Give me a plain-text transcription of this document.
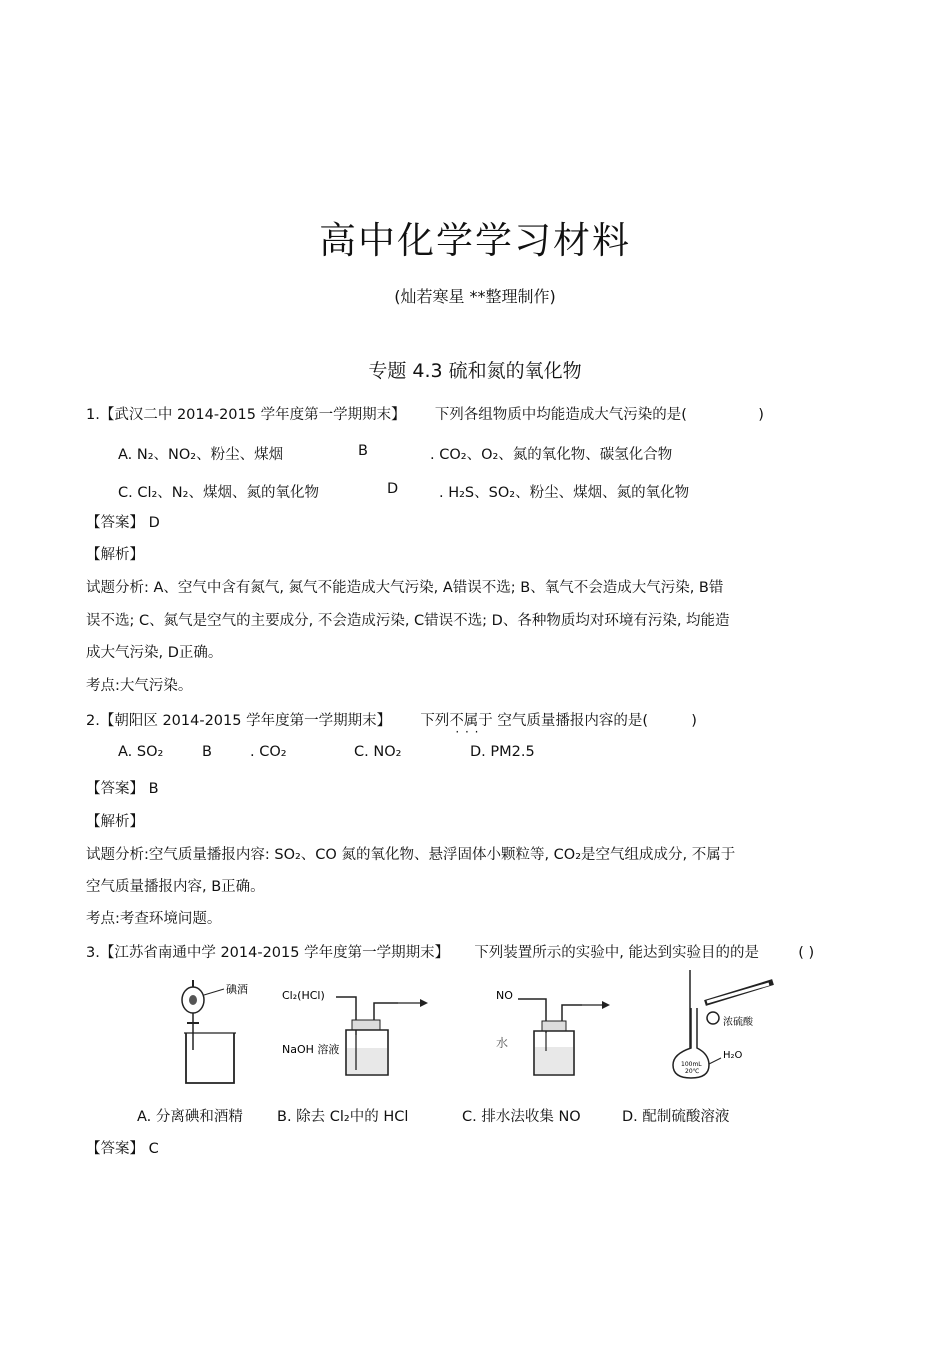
高中化学学习材料
(灿若寒星 **整理制作)
专题 4.3 硫和氮的氧化物
1.【武汉二中 2014-2015 学年度第一学期期末】 下列各组物质中均能造成大气污染的是(	)
A. N₂、NO₂、粉尘、煤烟	B	. CO₂、O₂、氮的氧化物、碳氢化合物
C. Cl₂、N₂、煤烟、氮的氧化物	D	. H₂S、SO₂、粉尘、煤烟、氮的氧化物
【答案】 D
【解析】
试题分析: A、空气中含有氮气, 氮气不能造成大气污染, A错误不选; B、氧气不会造成大气污染, B错
误不选; C、氮气是空气的主要成分, 不会造成污染, C错误不选; D、各种物质均对环境有污染, 均能造
成大气污染, D正确。
考点:大气污染。
2.【朝阳区 2014-2015 学年度第一学期期末】 下列不属于 · · · 空气质量播报内容的是(	)
A. SO₂	B	. CO₂	C. NO₂	D. PM2.5
【答案】 B
【解析】
试题分析:空气质量播报内容: SO₂、CO 氮的氧化物、悬浮固体小颗粒等, CO₂是空气组成成分, 不属于
空气质量播报内容, B正确。
考点:考查环境问题。
3.【江苏省南通中学 2014-2015 学年度第一学期期末】 下列装置所示的实验中, 能达到实验目的的是	( )
碘酒	Cl₂(HCl)
NaOH 溶液
NO
水
浓硫酸
100mL
20℃
H₂O
A. 分离碘和酒精 B. 除去 Cl₂中的 HCl	C. 排水法收集 NO	D. 配制硫酸溶液
【答案】 C
